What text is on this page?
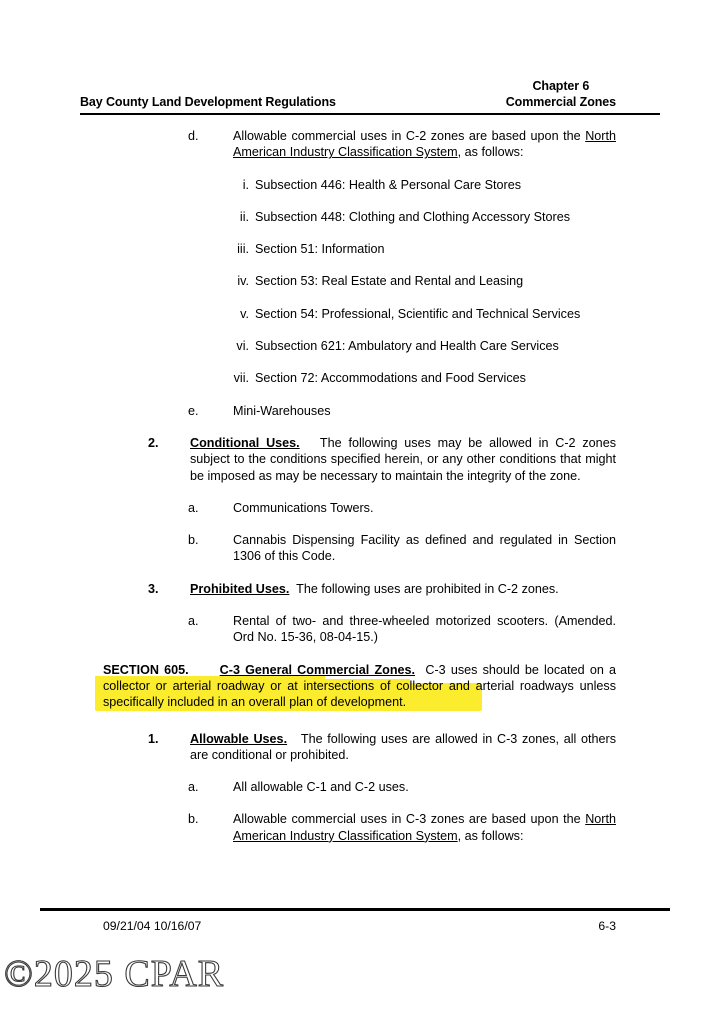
Bay County Land Development Regulations
Chapter 6
Commercial Zones
d.	Allowable commercial uses in C-2 zones are based upon the North American Industry Classification System, as follows:
i. Subsection 446: Health & Personal Care Stores
ii. Subsection 448: Clothing and Clothing Accessory Stores
iii. Section 51: Information
iv. Section 53: Real Estate and Rental and Leasing
v. Section 54: Professional, Scientific and Technical Services
vi. Subsection 621: Ambulatory and Health Care Services
vii. Section 72: Accommodations and Food Services
e.	Mini-Warehouses
2. Conditional Uses. The following uses may be allowed in C-2 zones subject to the conditions specified herein, or any other conditions that might be imposed as may be necessary to maintain the integrity of the zone.
a.	Communications Towers.
b.	Cannabis Dispensing Facility as defined and regulated in Section 1306 of this Code.
3. Prohibited Uses. The following uses are prohibited in C-2 zones.
a.	Rental of two- and three-wheeled motorized scooters. (Amended. Ord No. 15-36, 08-04-15.)
SECTION 605. C-3 General Commercial Zones. C-3 uses should be located on a collector or arterial roadway or at intersections of collector and arterial roadways unless specifically included in an overall plan of development.
1. Allowable Uses. The following uses are allowed in C-3 zones, all others are conditional or prohibited.
a.	All allowable C-1 and C-2 uses.
b.	Allowable commercial uses in C-3 zones are based upon the North American Industry Classification System, as follows:
09/21/04 10/16/07	6-3
©2025 CPAR
